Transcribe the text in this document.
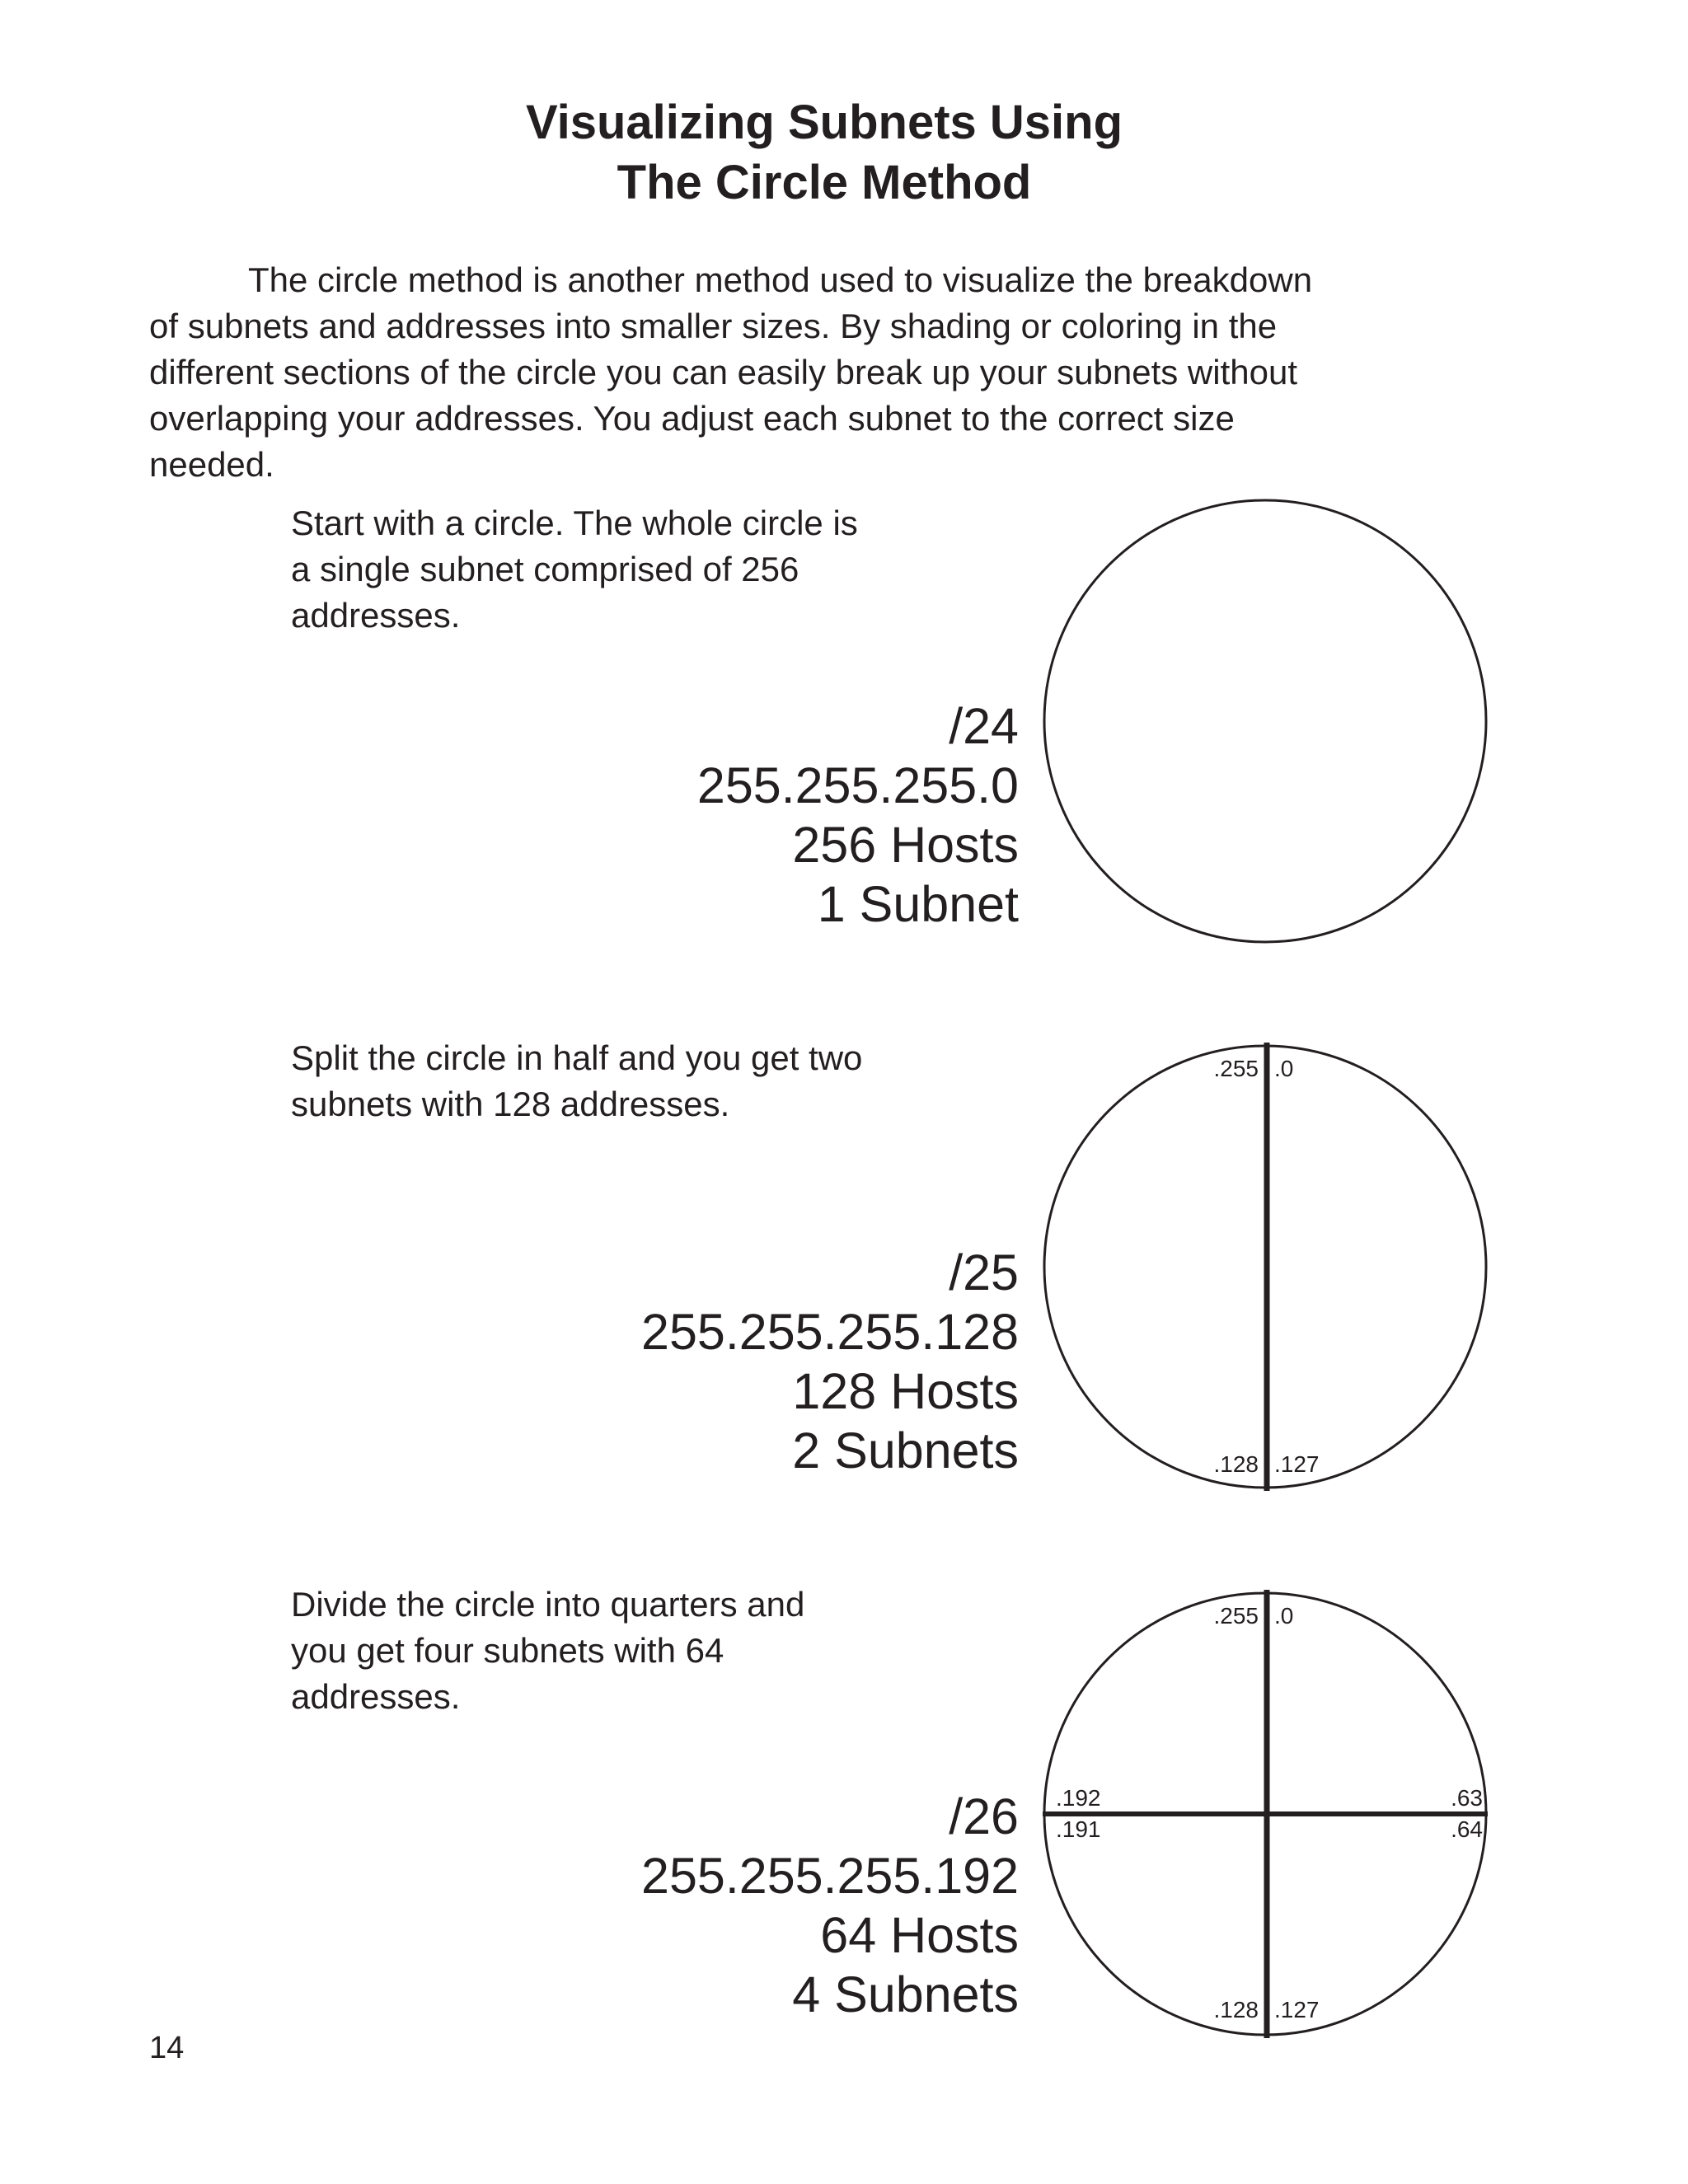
Visualizing Subnets Using
The Circle Method
The circle method is another method used to visualize the breakdown
of subnets and addresses into smaller sizes. By shading or coloring in the
different sections of the circle you can easily break up your subnets without
overlapping your addresses. You adjust each subnet to the correct size
needed.
Start with a circle. The whole circle is
a single subnet comprised of 256
addresses.
/24
255.255.255.0
256 Hosts
1 Subnet
Split the circle in half and you get two
subnets with 128 addresses.
/25
255.255.255.128
128 Hosts
2 Subnets
.255 .0
.128 .127
Divide the circle into quarters and
you get four subnets with 64
addresses.
/26
255.255.255.192
64 Hosts
4 Subnets
.255 .0
.128 .127
.192
.191
.63
.64
14
